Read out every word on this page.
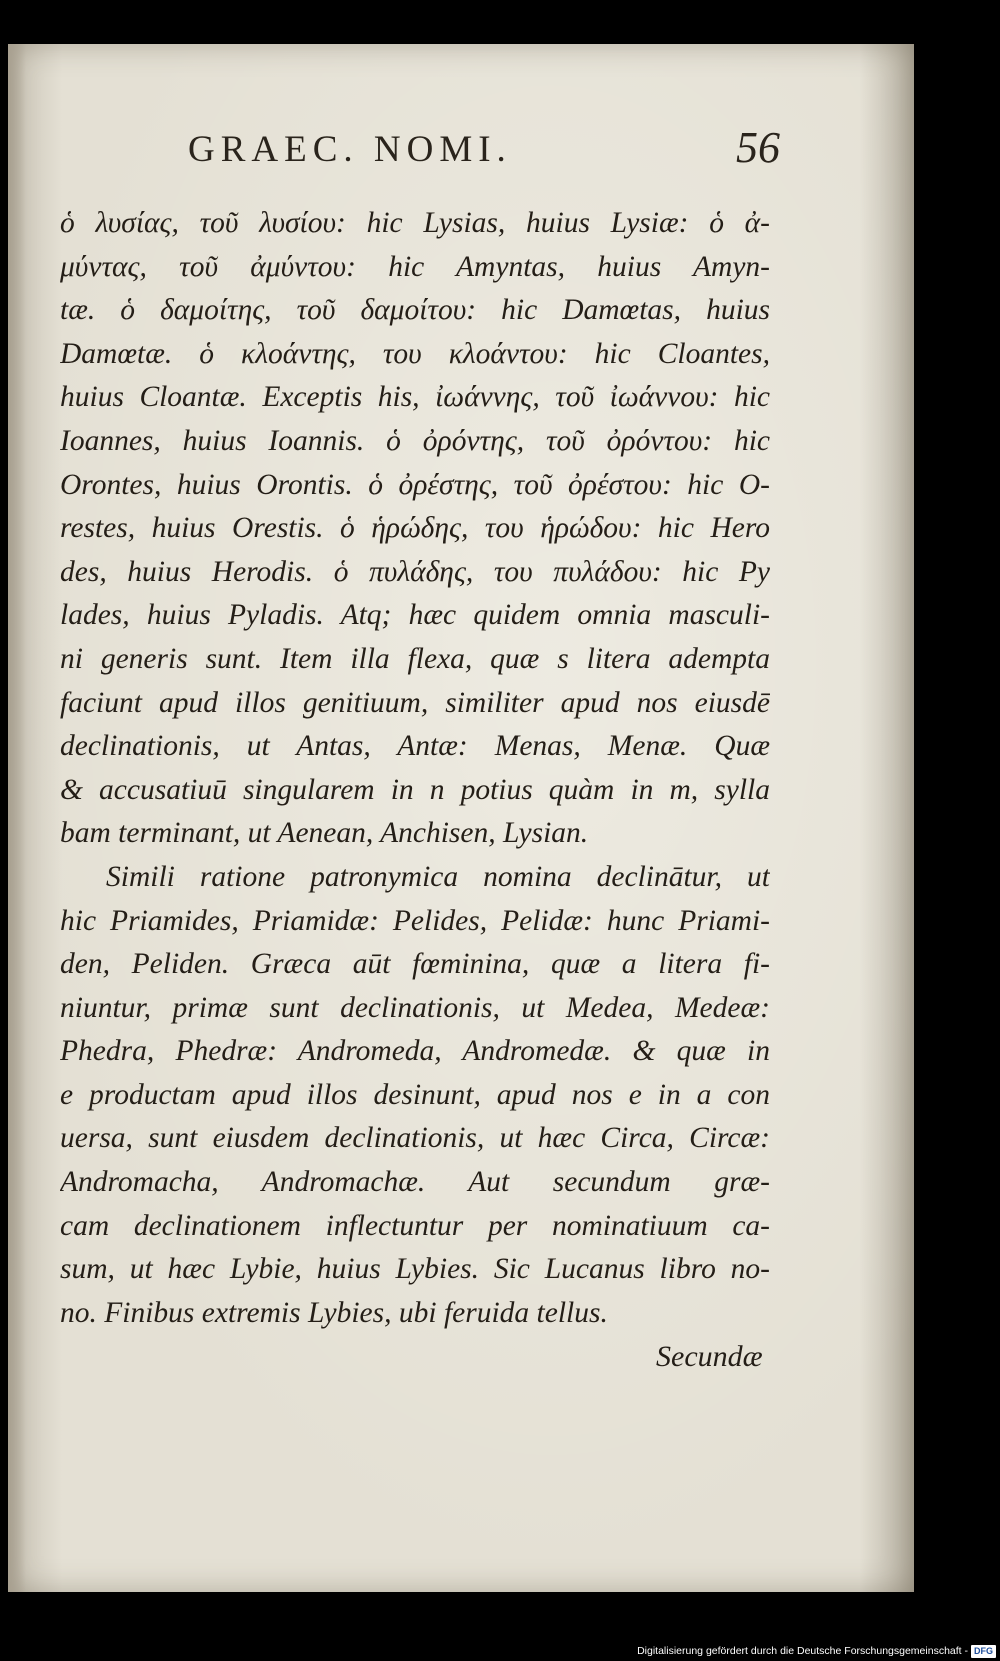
GRAEC. NOMI.	56
ὁ λυσίας, τοῦ λυσίου: hic Lysias, huius Lysiæ: ὁ ἀ-
μύντας, τοῦ ἀμύντου: hic Amyntas, huius Amyn-
tæ. ὁ δαμοίτης, τοῦ δαμοίτου: hic Damœtas, huius
Damœtæ. ὁ κλοάντης, του κλοάντου: hic Cloantes,
huius Cloantæ. Exceptis his, ἰωάννης, τοῦ ἰωάννου: hic
Ioannes, huius Ioannis. ὁ ὀρόντης, τοῦ ὀρόντου: hic
Orontes, huius Orontis. ὁ ὀρέστης, τοῦ ὀρέστου: hic O-
restes, huius Orestis. ὁ ἡρώδης, του ἡρώδου: hic Hero
des, huius Herodis. ὁ πυλάδης, του πυλάδου: hic Py
lades, huius Pyladis. Atq; hæc quidem omnia masculi-
ni generis sunt. Item illa flexa, quæ s litera adempta
faciunt apud illos genitiuum, similiter apud nos eiusdē
declinationis, ut Antas, Antæ: Menas, Menæ. Quæ
& accusatiuū singularem in n potius quàm in m, sylla
bam terminant, ut Aenean, Anchisen, Lysian.
Simili ratione patronymica nomina declinātur, ut
hic Priamides, Priamidæ: Pelides, Pelidæ: hunc Priami-
den, Peliden. Græca aūt fœminina, quæ a litera fi-
niuntur, primæ sunt declinationis, ut Medea, Medeæ:
Phedra, Phedræ: Andromeda, Andromedæ. & quæ in
e productam apud illos desinunt, apud nos e in a con
uersa, sunt eiusdem declinationis, ut hæc Circa, Circæ:
Andromacha, Andromachæ. Aut secundum græ-
cam declinationem inflectuntur per nominatiuum ca-
sum, ut hæc Lybie, huius Lybies. Sic Lucanus libro no-
no. Finibus extremis Lybies, ubi feruida tellus.
Secundæ
Digitalisierung gefördert durch die Deutsche Forschungsgemeinschaft - DFG
